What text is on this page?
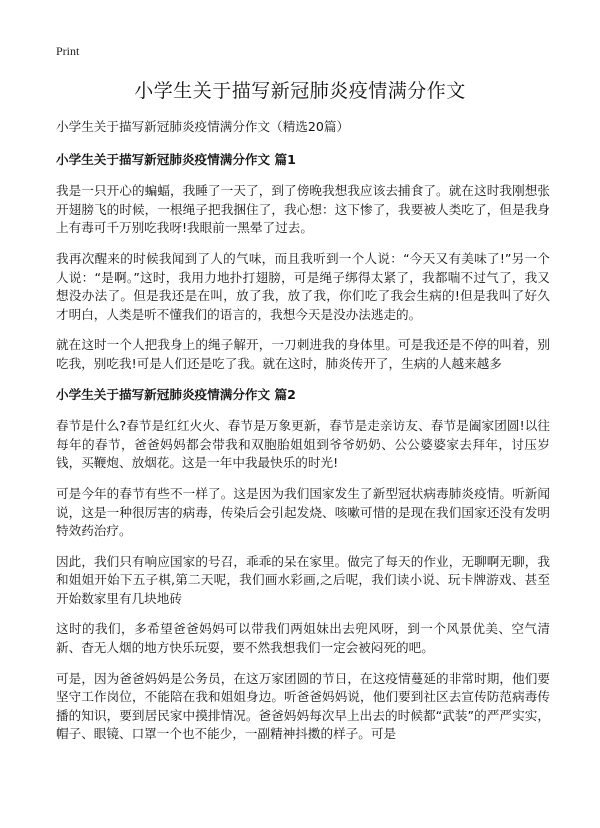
Print
小学生关于描写新冠肺炎疫情满分作文

小学生关于描写新冠肺炎疫情满分作文（精选20篇）

小学生关于描写新冠肺炎疫情满分作文 篇1

我是一只开心的蝙蝠，我睡了一天了，到了傍晚我想我应该去捕食了。就在这时我刚想张开翅膀飞的时候，一根绳子把我捆住了，我心想：这下惨了，我要被人类吃了，但是我身上有毒可千万别吃我呀!我眼前一黑晕了过去。

我再次醒来的时候我闻到了人的气味，而且我听到一个人说：“今天又有美味了!”另一个人说：“是啊。”这时，我用力地扑打翅膀，可是绳子绑得太紧了，我都喘不过气了，我又想没办法了。但是我还是在叫，放了我，放了我，你们吃了我会生病的!但是我叫了好久才明白，人类是听不懂我们的语言的，我想今天是没办法逃走的。

就在这时一个人把我身上的绳子解开，一刀刺进我的身体里。可是我还是不停的叫着，别吃我，别吃我!可是人们还是吃了我。就在这时，肺炎传开了，生病的人越来越多

小学生关于描写新冠肺炎疫情满分作文 篇2

春节是什么?春节是红红火火、春节是万象更新，春节是走亲访友、春节是阖家团圆!以往每年的春节，爸爸妈妈都会带我和双胞胎姐姐到爷爷奶奶、公公婆婆家去拜年，讨压岁钱，买鞭炮、放烟花。这是一年中我最快乐的时光!

可是今年的春节有些不一样了。这是因为我们国家发生了新型冠状病毒肺炎疫情。听新闻说，这是一种很厉害的病毒，传染后会引起发烧、咳嗽可惜的是现在我们国家还没有发明特效药治疗。

因此，我们只有响应国家的号召，乖乖的呆在家里。做完了每天的作业，无聊啊无聊，我和姐姐开始下五子棋,第二天呢，我们画水彩画,之后呢，我们读小说、玩卡牌游戏、甚至开始数家里有几块地砖

这时的我们，多希望爸爸妈妈可以带我们两姐妹出去兜风呀，到一个风景优美、空气清新、杳无人烟的地方快乐玩耍，要不然我想我们一定会被闷死的吧。

可是，因为爸爸妈妈是公务员，在这万家团圆的节日，在这疫情蔓延的非常时期，他们要坚守工作岗位，不能陪在我和姐姐身边。听爸爸妈妈说，他们要到社区去宣传防范病毒传播的知识，要到居民家中摸排情况。爸爸妈妈每次早上出去的时候都“武装”的严严实实，帽子、眼镜、口罩一个也不能少，一副精神抖擞的样子。可是
